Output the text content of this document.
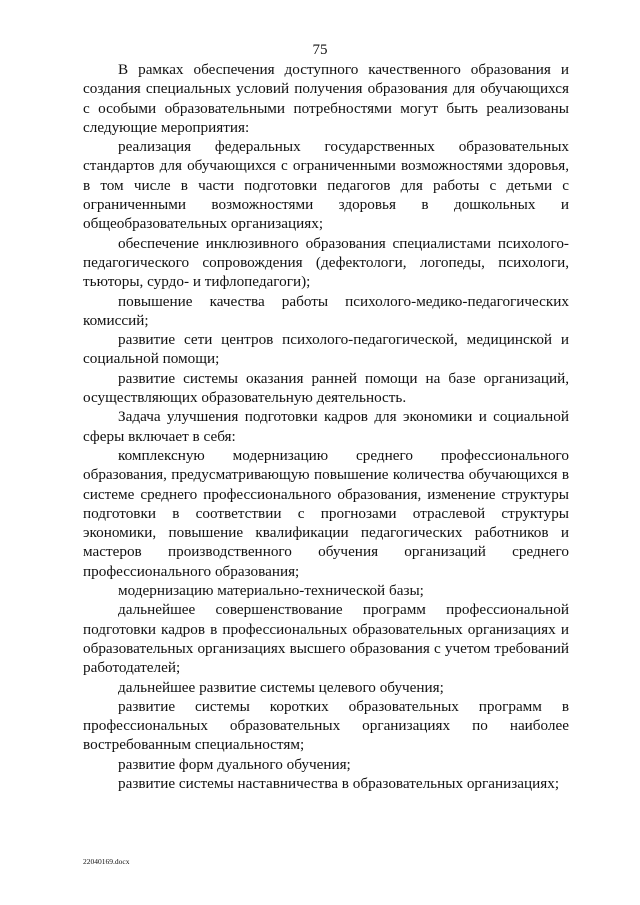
75

В рамках обеспечения доступного качественного образования и создания специальных условий получения образования для обучающихся с особыми образовательными потребностями могут быть реализованы следующие мероприятия:

реализация федеральных государственных образовательных стандартов для обучающихся с ограниченными возможностями здоровья, в том числе в части подготовки педагогов для работы с детьми с ограниченными возможностями здоровья в дошкольных и общеобразовательных организациях;

обеспечение инклюзивного образования специалистами психолого-педагогического сопровождения (дефектологи, логопеды, психологи, тьюторы, сурдо- и тифлопедагоги);

повышение качества работы психолого-медико-педагогических комиссий;

развитие сети центров психолого-педагогической, медицинской и социальной помощи;

развитие системы оказания ранней помощи на базе организаций, осуществляющих образовательную деятельность.

Задача улучшения подготовки кадров для экономики и социальной сферы включает в себя:

комплексную модернизацию среднего профессионального образования, предусматривающую повышение количества обучающихся в системе среднего профессионального образования, изменение структуры подготовки в соответствии с прогнозами отраслевой структуры экономики, повышение квалификации педагогических работников и мастеров производственного обучения организаций среднего профессионального образования;

модернизацию материально-технической базы;

дальнейшее совершенствование программ профессиональной подготовки кадров в профессиональных образовательных организациях и образовательных организациях высшего образования с учетом требований работодателей;

дальнейшее развитие системы целевого обучения;

развитие системы коротких образовательных программ в профессиональных образовательных организациях по наиболее востребованным специальностям;

развитие форм дуального обучения;

развитие системы наставничества в образовательных организациях;

22040169.docx
